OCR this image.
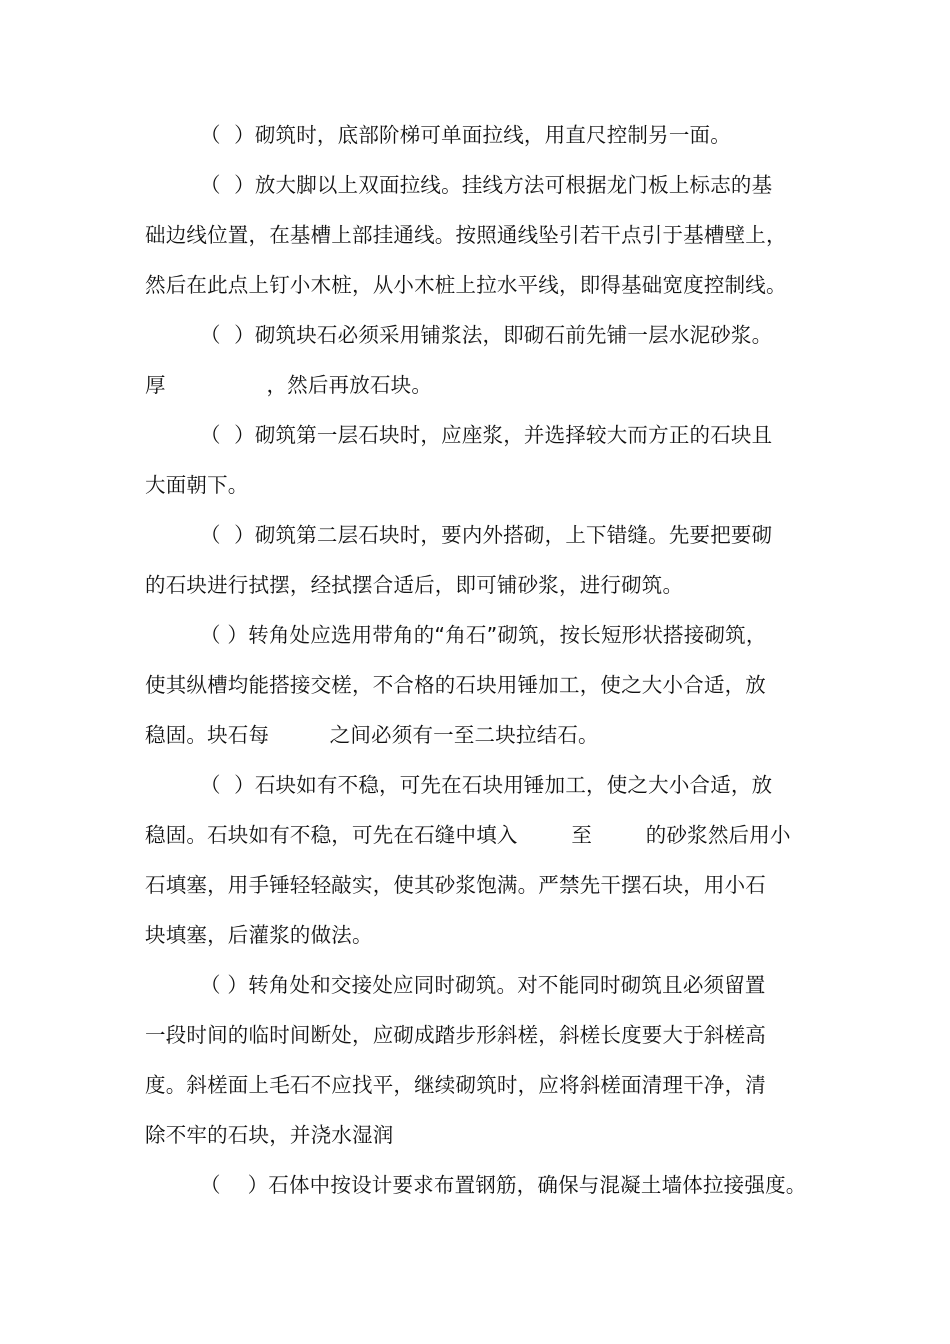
（  ）砌筑时，底部阶梯可单面拉线，用直尺控制另一面。
（  ）放大脚以上双面拉线。挂线方法可根据龙门板上标志的基
础边线位置，在基槽上部挂通线。按照通线坠引若干点引于基槽壁上，
然后在此点上钉小木桩，从小木桩上拉水平线，即得基础宽度控制线。
（  ）砌筑块石必须采用铺浆法，即砌石前先铺一层水泥砂浆。
厚               ，然后再放石块。
（  ）砌筑第一层石块时，应座浆，并选择较大而方正的石块且
大面朝下。
（  ）砌筑第二层石块时，要内外搭砌，上下错缝。先要把要砌
的石块进行拭摆，经拭摆合适后，即可铺砂浆，进行砌筑。
（ ）转角处应选用带角的“角石”砌筑，按长短形状搭接砌筑，
使其纵槽均能搭接交槎，不合格的石块用锤加工，使之大小合适，放
稳固。块石每         之间必须有一至二块拉结石。
（  ）石块如有不稳，可先在石块用锤加工，使之大小合适，放
稳固。石块如有不稳，可先在石缝中填入        至        的砂浆然后用小
石填塞，用手锤轻轻敲实，使其砂浆饱满。严禁先干摆石块，用小石
块填塞，后灌浆的做法。
（ ）转角处和交接处应同时砌筑。对不能同时砌筑且必须留置
一段时间的临时间断处，应砌成踏步形斜槎，斜槎长度要大于斜槎高
度。斜槎面上毛石不应找平，继续砌筑时，应将斜槎面清理干净，清
除不牢的石块，并浇水湿润
（    ）石体中按设计要求布置钢筋，确保与混凝土墙体拉接强度。
